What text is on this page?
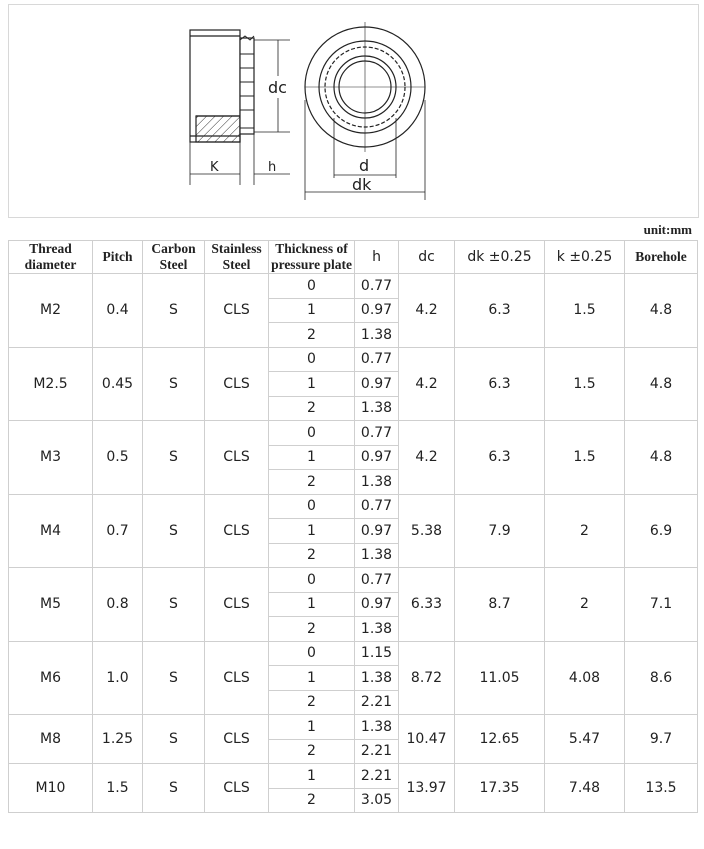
dc
K	h	d
dk
unit:mm
Thread diameter	Pitch	Carbon Steel	Stainless Steel	Thickness of pressure plate	h	dc	dk ±0.25	k ±0.25	Borehole
M2	0.4	S	CLS	0	0.77	4.2	6.3	1.5	4.8
				1	0.97				
				2	1.38				
M2.5	0.45	S	CLS	0	0.77	4.2	6.3	1.5	4.8
				1	0.97				
				2	1.38				
M3	0.5	S	CLS	0	0.77	4.2	6.3	1.5	4.8
				1	0.97				
				2	1.38				
M4	0.7	S	CLS	0	0.77	5.38	7.9	2	6.9
				1	0.97				
				2	1.38				
M5	0.8	S	CLS	0	0.77	6.33	8.7	2	7.1
				1	0.97				
				2	1.38				
M6	1.0	S	CLS	0	1.15	8.72	11.05	4.08	8.6
				1	1.38				
				2	2.21				
M8	1.25	S	CLS	1	1.38	10.47	12.65	5.47	9.7
				2	2.21				
M10	1.5	S	CLS	1	2.21	13.97	17.35	7.48	13.5
				2	3.05				
